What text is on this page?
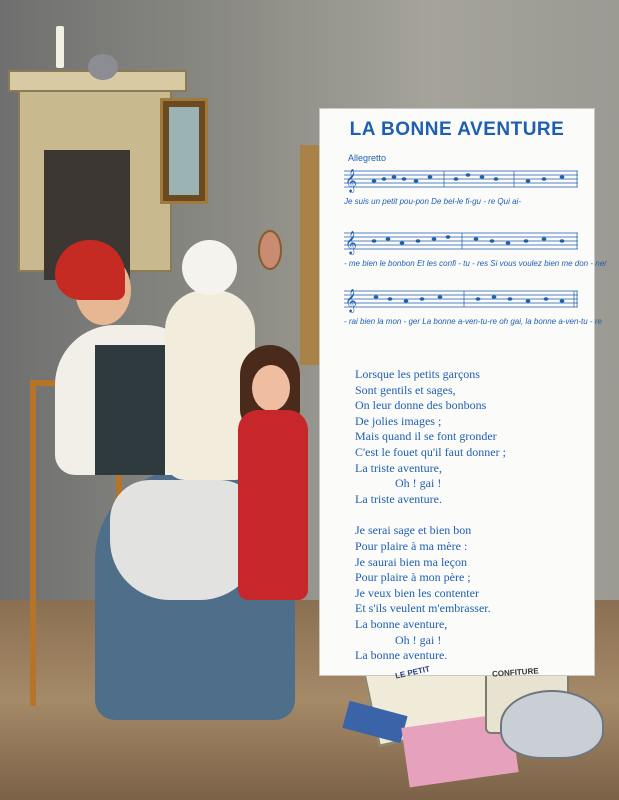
LA BONNE AVENTURE
Allegretto
𝄞
Je suis un petit pou-pon De bel-le fi-gu - re Qui ai-
𝄞
- me bien le bonbon Et les confi - tu - res Si vous voulez bien me don - ner
𝄞
- rai bien la mon - ger La bonne a-ven-tu-re oh gai, la bonne a-ven-tu - re
Lorsque les petits garçons
Sont gentils et sages,
On leur donne des bonbons
De jolies images ;
Mais quand il se font gronder
C'est le fouet qu'il faut donner ;
La triste aventure,
Oh ! gai !
La triste aventure.
Je serai sage et bien bon
Pour plaire à ma mère :
Je saurai bien ma leçon
Pour plaire à mon père ;
Je veux bien les contenter
Et s'ils veulent m'embrasser.
La bonne aventure,
Oh ! gai !
La bonne aventure.
CONFITURE
LE PETIT
